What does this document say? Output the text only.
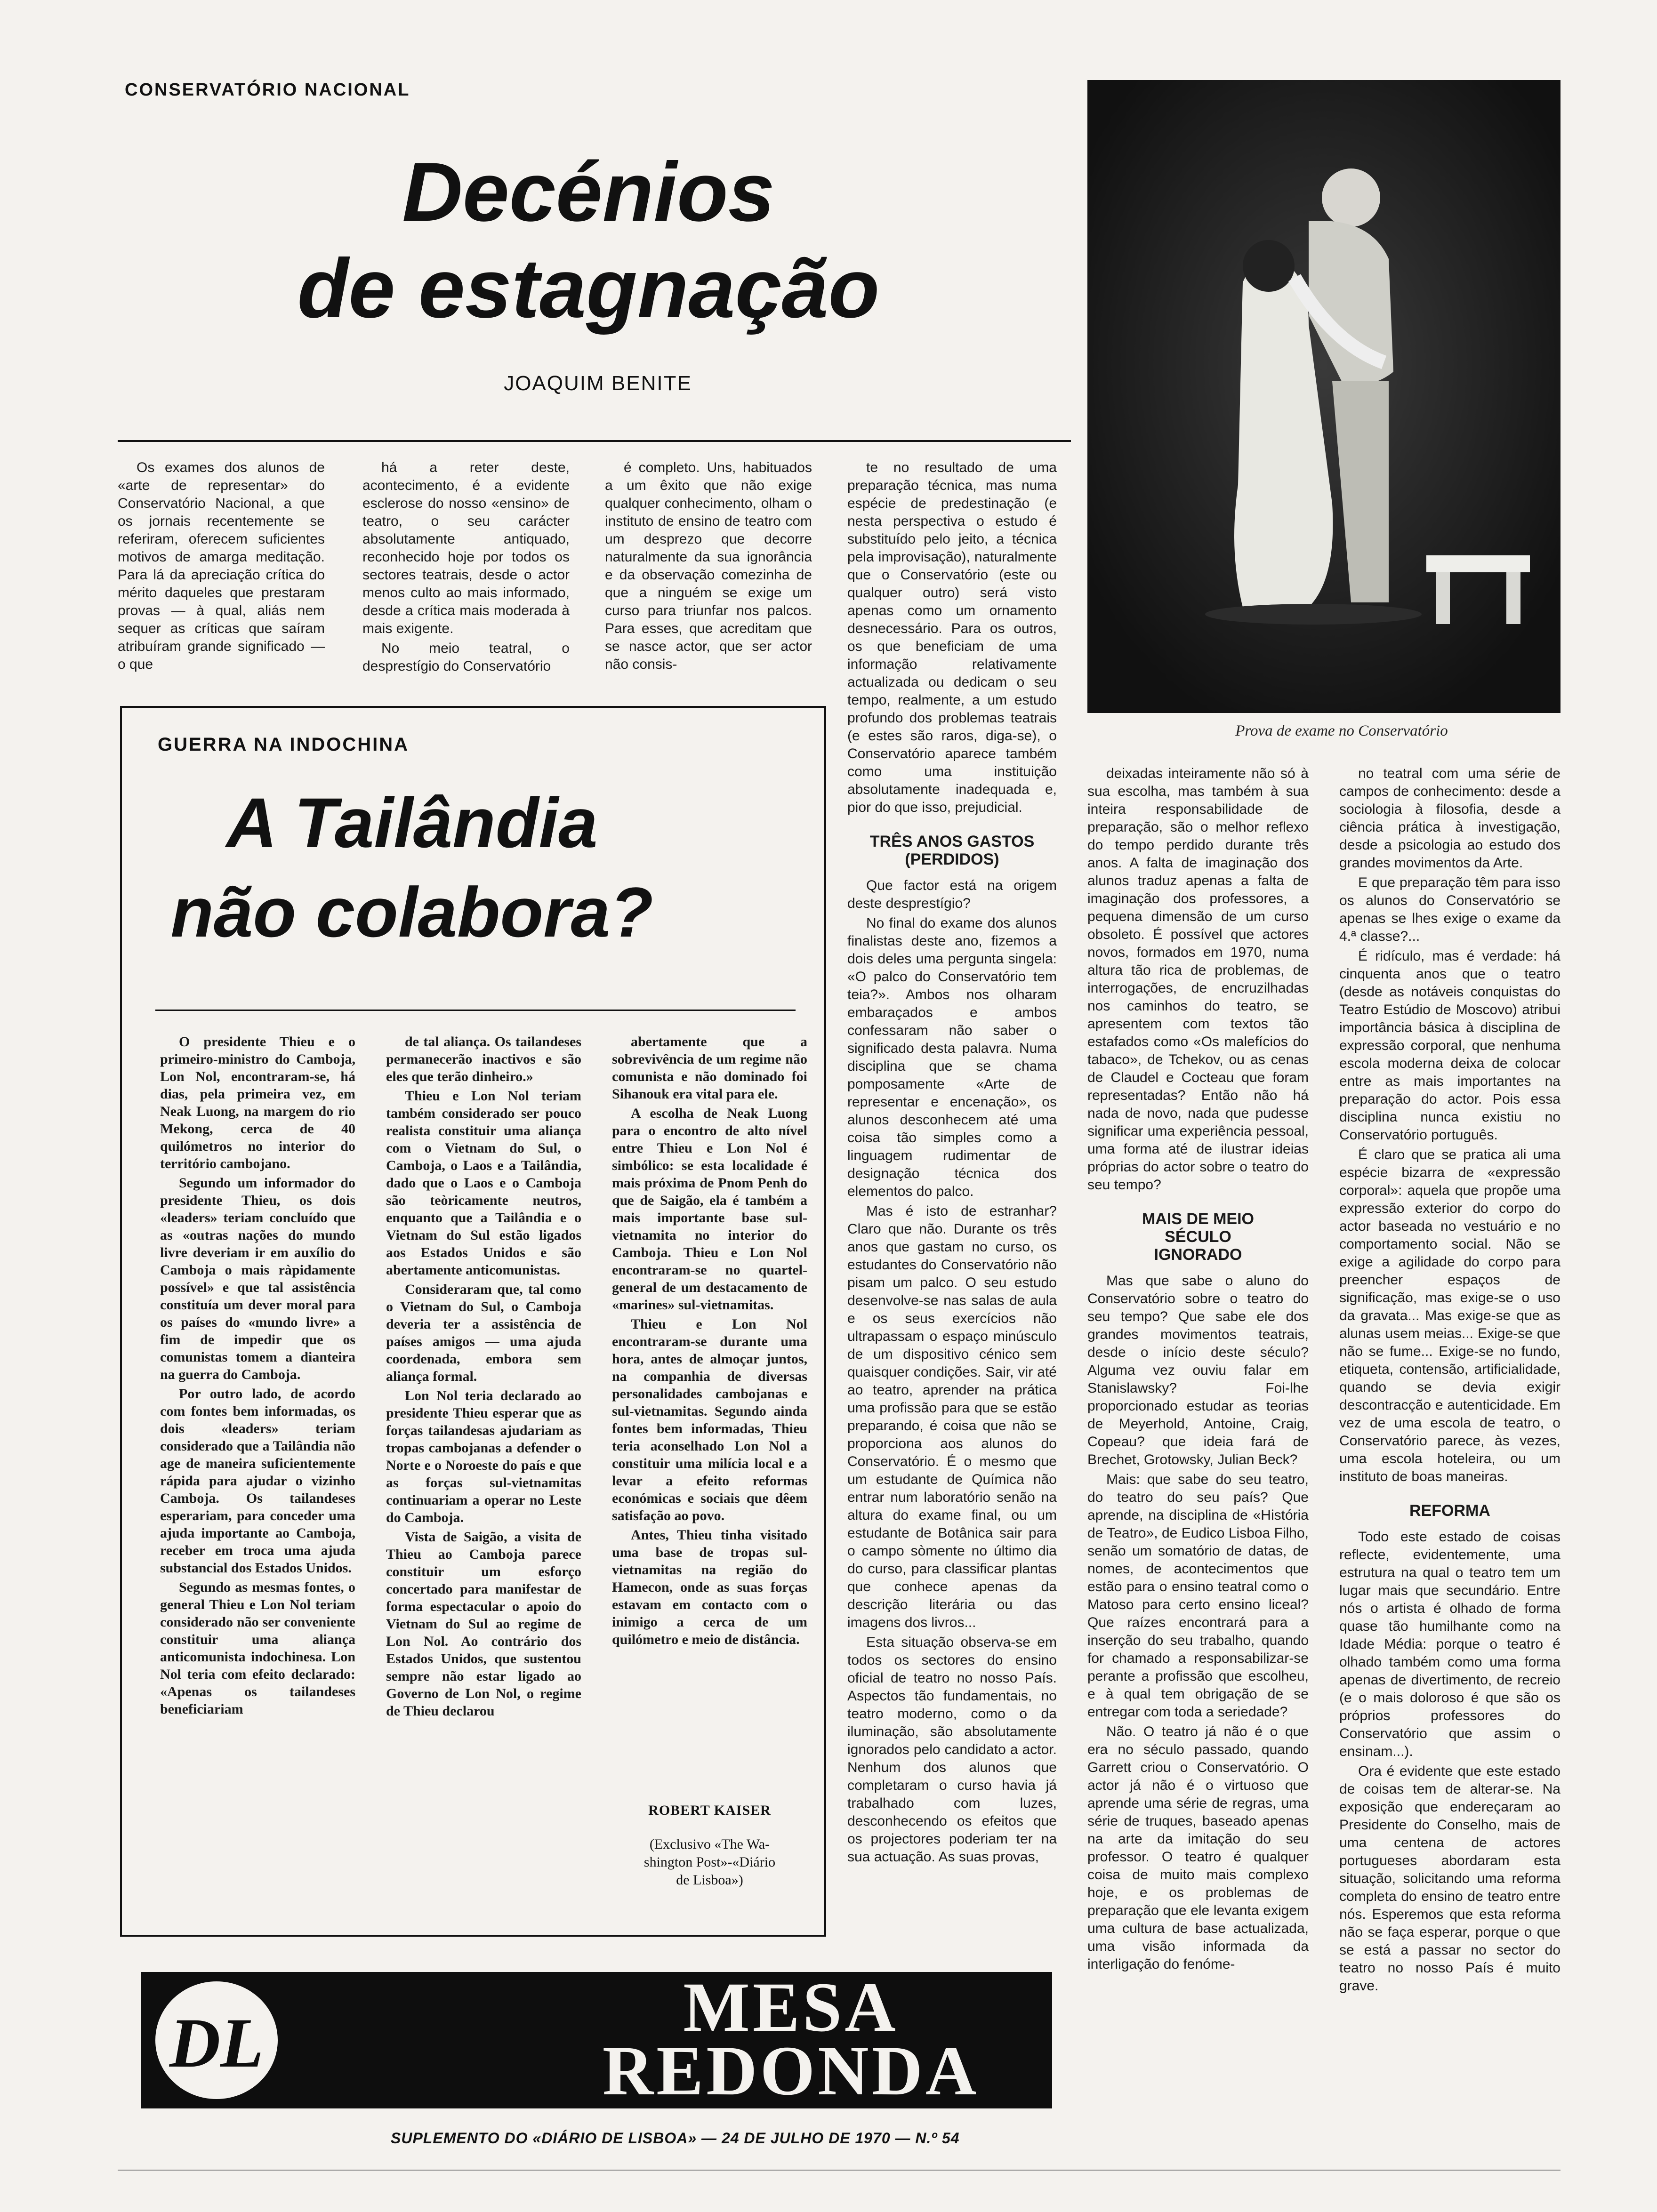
CONSERVATÓRIO NACIONAL
Decénios
de estagnação
JOAQUIM BENITE
Prova de exame no Conservatório

Os exames dos alunos de «arte de representar» do Conservatório Nacional, a que os jornais recentemente se referiram, oferecem suficientes motivos de amarga meditação. Para lá da apreciação crítica do mérito daqueles que prestaram provas — à qual, aliás nem sequer as críticas que saíram atribuíram grande significado — o que

há a reter deste, acontecimento, é a evidente esclerose do nosso «ensino» de teatro, o seu carácter absolutamente antiquado, reconhecido hoje por todos os sectores teatrais, desde o actor menos culto ao mais informado, desde a crítica mais moderada à mais exigente.

No meio teatral, o desprestígio do Conservatório

é completo. Uns, habituados a um êxito que não exige qualquer conhecimento, olham o instituto de ensino de teatro com um desprezo que decorre naturalmente da sua ignorância e da observação comezinha de que a ninguém se exige um curso para triunfar nos palcos. Para esses, que acreditam que se nasce actor, que ser actor não consis-

te no resultado de uma preparação técnica, mas numa espécie de predestinação (e nesta perspectiva o estudo é substituído pelo jeito, a técnica pela improvisação), naturalmente que o Conservatório (este ou qualquer outro) será visto apenas como um ornamento desnecessário. Para os outros, os que beneficiam de uma informação relativamente actualizada ou dedicam o seu tempo, realmente, a um estudo profundo dos problemas teatrais (e estes são raros, diga-se), o Conservatório aparece também como uma instituição absolutamente inadequada e, pior do que isso, prejudicial.

TRÊS ANOS GASTOS
(PERDIDOS)

Que factor está na origem deste desprestígio?

No final do exame dos alunos finalistas deste ano, fizemos a dois deles uma pergunta singela: «O palco do Conservatório tem teia?». Ambos nos olharam embaraçados e ambos confessaram não saber o significado desta palavra. Numa disciplina que se chama pomposamente «Arte de representar e encenação», os alunos desconhecem até uma coisa tão simples como a linguagem rudimentar de designação técnica dos elementos do palco.

Mas é isto de estranhar? Claro que não. Durante os três anos que gastam no curso, os estudantes do Conservatório não pisam um palco. O seu estudo desenvolve-se nas salas de aula e os seus exercícios não ultrapassam o espaço minúsculo de um dispositivo cénico sem quaisquer condições. Sair, vir até ao teatro, aprender na prática uma profissão para que se estão preparando, é coisa que não se proporciona aos alunos do Conservatório. É o mesmo que um estudante de Química não entrar num laboratório senão na altura do exame final, ou um estudante de Botânica sair para o campo sòmente no último dia do curso, para classificar plantas que conhece apenas da descrição literária ou das imagens dos livros...

Esta situação observa-se em todos os sectores do ensino oficial de teatro no nosso País. Aspectos tão fundamentais, no teatro moderno, como o da iluminação, são absolutamente ignorados pelo candidato a actor. Nenhum dos alunos que completaram o curso havia já trabalhado com luzes, desconhecendo os efeitos que os projectores poderiam ter na sua actuação. As suas provas,

deixadas inteiramente não só à sua escolha, mas também à sua inteira responsabilidade de preparação, são o melhor reflexo do tempo perdido durante três anos. A falta de imaginação dos alunos traduz apenas a falta de imaginação dos professores, a pequena dimensão de um curso obsoleto. É possível que actores novos, formados em 1970, numa altura tão rica de problemas, de interrogações, de encruzilhadas nos caminhos do teatro, se apresentem com textos tão estafados como «Os malefícios do tabaco», de Tchekov, ou as cenas de Claudel e Cocteau que foram representadas? Então não há nada de novo, nada que pudesse significar uma experiência pessoal, uma forma até de ilustrar ideias próprias do actor sobre o teatro do seu tempo?

MAIS DE MEIO
SÉCULO
IGNORADO

Mas que sabe o aluno do Conservatório sobre o teatro do seu tempo? Que sabe ele dos grandes movimentos teatrais, desde o início deste século? Alguma vez ouviu falar em Stanislawsky? Foi-lhe proporcionado estudar as teorias de Meyerhold, Antoine, Craig, Copeau? que ideia fará de Brechet, Grotowsky, Julian Beck?

Mais: que sabe do seu teatro, do teatro do seu país? Que aprende, na disciplina de «História de Teatro», de Eudico Lisboa Filho, senão um somatório de datas, de nomes, de acontecimentos que estão para o ensino teatral como o Matoso para certo ensino liceal? Que raízes encontrará para a inserção do seu trabalho, quando for chamado a responsabilizar-se perante a profissão que escolheu, e à qual tem obrigação de se entregar com toda a seriedade?

Não. O teatro já não é o que era no século passado, quando Garrett criou o Conservatório. O actor já não é o virtuoso que aprende uma série de regras, uma série de truques, baseado apenas na arte da imitação do seu professor. O teatro é qualquer coisa de muito mais complexo hoje, e os problemas de preparação que ele levanta exigem uma cultura de base actualizada, uma visão informada da interligação do fenóme-

no teatral com uma série de campos de conhecimento: desde a sociologia à filosofia, desde a ciência prática à investigação, desde a psicologia ao estudo dos grandes movimentos da Arte.

E que preparação têm para isso os alunos do Conservatório se apenas se lhes exige o exame da 4.ª classe?...

É ridículo, mas é verdade: há cinquenta anos que o teatro (desde as notáveis conquistas do Teatro Estúdio de Moscovo) atribui importância básica à disciplina de expressão corporal, que nenhuma escola moderna deixa de colocar entre as mais importantes na preparação do actor. Pois essa disciplina nunca existiu no Conservatório português.

É claro que se pratica ali uma espécie bizarra de «expressão corporal»: aquela que propõe uma expressão exterior do corpo do actor baseada no vestuário e no comportamento social. Não se exige a agilidade do corpo para preencher espaços de significação, mas exige-se o uso da gravata... Mas exige-se que as alunas usem meias... Exige-se que não se fume... Exige-se no fundo, etiqueta, contensão, artificialidade, quando se devia exigir descontracção e autenticidade. Em vez de uma escola de teatro, o Conservatório parece, às vezes, uma escola hoteleira, ou um instituto de boas maneiras.

REFORMA

Todo este estado de coisas reflecte, evidentemente, uma estrutura na qual o teatro tem um lugar mais que secundário. Entre nós o artista é olhado de forma quase tão humilhante como na Idade Média: porque o teatro é olhado também como uma forma apenas de divertimento, de recreio (e o mais doloroso é que são os próprios professores do Conservatório que assim o ensinam...).

Ora é evidente que este estado de coisas tem de alterar-se. Na exposição que endereçaram ao Presidente do Conselho, mais de uma centena de actores portugueses abordaram esta situação, solicitando uma reforma completa do ensino de teatro entre nós. Esperemos que esta reforma não se faça esperar, porque o que se está a passar no sector do teatro no nosso País é muito grave.

GUERRA NA INDOCHINA
A Tailândia
não colabora?

O presidente Thieu e o primeiro-ministro do Camboja, Lon Nol, encontraram-se, há dias, pela primeira vez, em Neak Luong, na margem do rio Mekong, cerca de 40 quilómetros no interior do território cambojano.

Segundo um informador do presidente Thieu, os dois «leaders» teriam concluído que as «outras nações do mundo livre deveriam ir em auxílio do Camboja o mais ràpidamente possível» e que tal assistência constituía um dever moral para os países do «mundo livre» a fim de impedir que os comunistas tomem a dianteira na guerra do Camboja.

Por outro lado, de acordo com fontes bem informadas, os dois «leaders» teriam considerado que a Tailândia não age de maneira suficientemente rápida para ajudar o vizinho Camboja. Os tailandeses esperariam, para conceder uma ajuda importante ao Camboja, receber em troca uma ajuda substancial dos Estados Unidos.

Segundo as mesmas fontes, o general Thieu e Lon Nol teriam considerado não ser conveniente constituir uma aliança anticomunista indochinesa. Lon Nol teria com efeito declarado: «Apenas os tailandeses beneficiariam

de tal aliança. Os tailandeses permanecerão inactivos e são eles que terão dinheiro.»

Thieu e Lon Nol teriam também considerado ser pouco realista constituir uma aliança com o Vietnam do Sul, o Camboja, o Laos e a Tailândia, dado que o Laos e o Camboja são teòricamente neutros, enquanto que a Tailândia e o Vietnam do Sul estão ligados aos Estados Unidos e são abertamente anticomunistas.

Consideraram que, tal como o Vietnam do Sul, o Camboja deveria ter a assistência de países amigos — uma ajuda coordenada, embora sem aliança formal.

Lon Nol teria declarado ao presidente Thieu esperar que as forças tailandesas ajudariam as tropas cambojanas a defender o Norte e o Noroeste do país e que as forças sul-vietnamitas continuariam a operar no Leste do Camboja.

Vista de Saigão, a visita de Thieu ao Camboja parece constituir um esforço concertado para manifestar de forma espectacular o apoio do Vietnam do Sul ao regime de Lon Nol. Ao contrário dos Estados Unidos, que sustentou sempre não estar ligado ao Governo de Lon Nol, o regime de Thieu declarou

abertamente que a sobrevivência de um regime não comunista e não dominado foi Sihanouk era vital para ele.

A escolha de Neak Luong para o encontro de alto nível entre Thieu e Lon Nol é simbólico: se esta localidade é mais próxima de Pnom Penh do que de Saigão, ela é também a mais importante base sul-vietnamita no interior do Camboja. Thieu e Lon Nol encontraram-se no quartel-general de um destacamento de «marines» sul-vietnamitas.

Thieu e Lon Nol encontraram-se durante uma hora, antes de almoçar juntos, na companhia de diversas personalidades cambojanas e sul-vietnamitas. Segundo ainda fontes bem informadas, Thieu teria aconselhado Lon Nol a constituir uma milícia local e a levar a efeito reformas económicas e sociais que dêem satisfação ao povo.

Antes, Thieu tinha visitado uma base de tropas sul-vietnamitas na região do Hamecon, onde as suas forças estavam em contacto com o inimigo a cerca de um quilómetro e meio de distância.

ROBERT KAISER
(Exclusivo «The Wa-
shington Post»-«Diário
de Lisboa»)
DL	MESA
REDONDA
SUPLEMENTO DO «DIÁRIO DE LISBOA» — 24 DE JULHO DE 1970 — N.º 54
